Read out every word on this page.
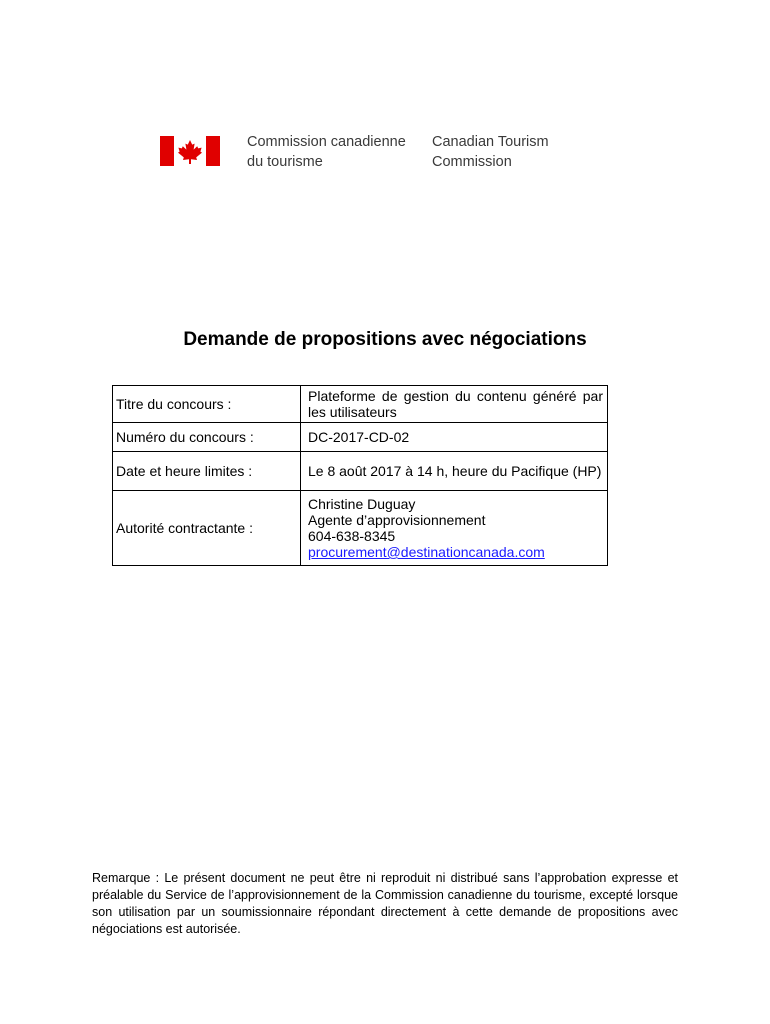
Commission canadienne
du tourisme
Canadian Tourism
Commission
Demande de propositions avec négociations
Titre du concours :	Plateforme de gestion du contenu généré par les utilisateurs
Numéro du concours :	DC-2017-CD-02
Date et heure limites :	Le 8 août 2017 à 14 h, heure du Pacifique (HP)
Autorité contractante :	Christine Duguay
Agente d’approvisionnement
604-638-8345
procurement@destinationcanada.com
Remarque : Le présent document ne peut être ni reproduit ni distribué sans l’approbation expresse et préalable du Service de l’approvisionnement de la Commission canadienne du tourisme, excepté lorsque son utilisation par un soumissionnaire répondant directement à cette demande de propositions avec négociations est autorisée.
